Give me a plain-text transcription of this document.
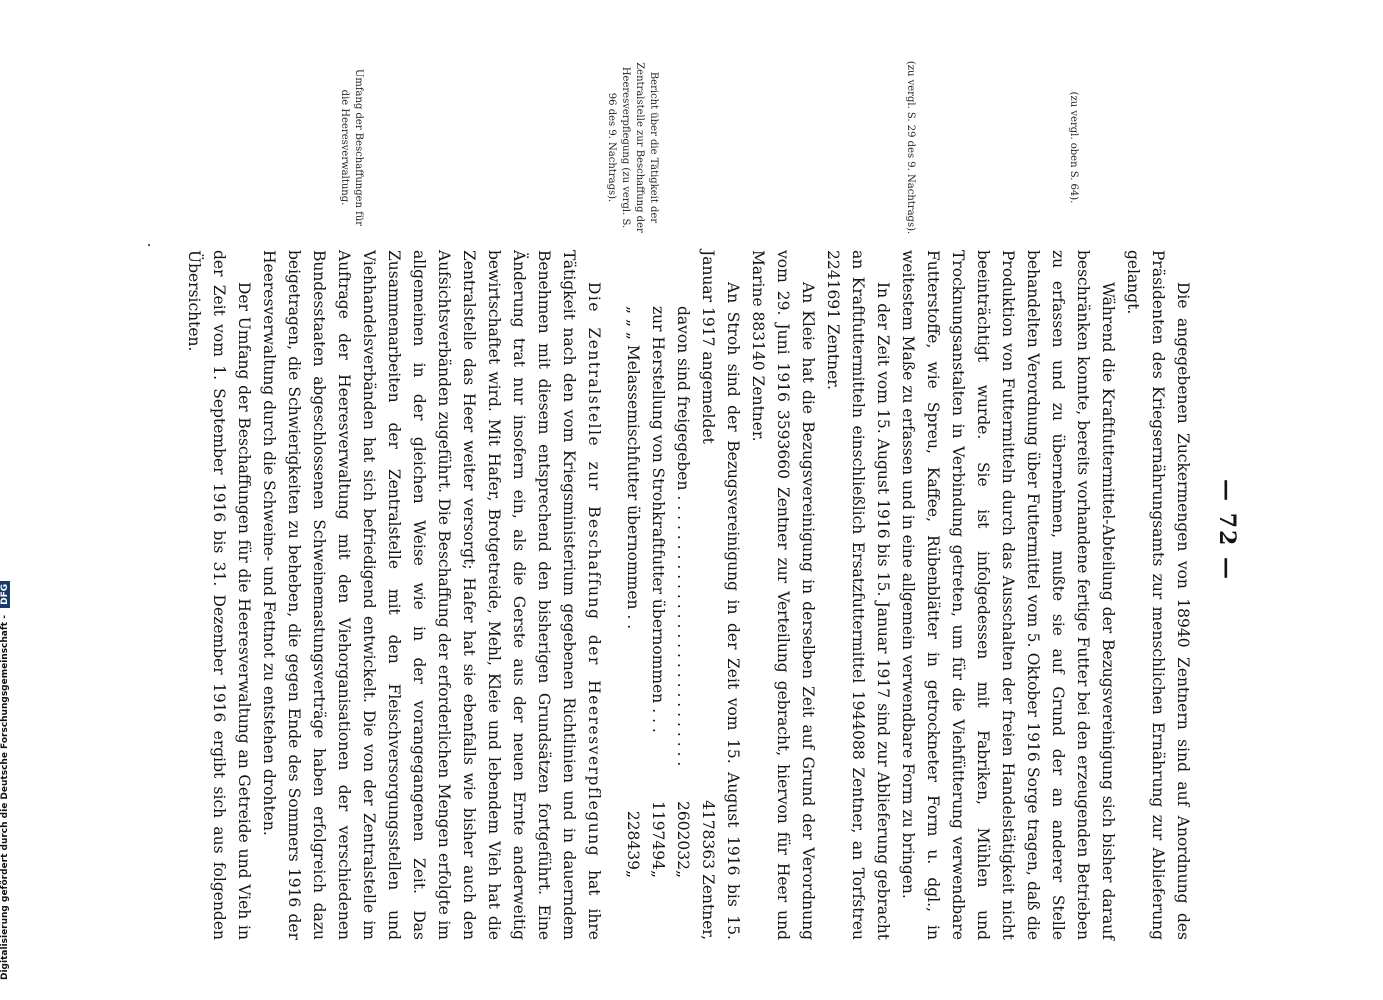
— 72 —

Die angegebenen Zuckermengen von 18940 Zentnern sind auf Anordnung des Präsidenten des Kriegsernährungsamts zur menschlichen Ernährung zur Ablieferung gelangt.

Während die Kraftfuttermittel-Abteilung der Bezugsvereinigung sich bisher darauf beschränken konnte, bereits vorhandene fertige Futter bei den erzeugenden Betrieben zu erfassen und zu übernehmen, mußte sie auf Grund der an anderer Stelle behandelten Verordnung über Futtermittel vom 5. Oktober 1916 Sorge tragen, daß die Produktion von Futtermitteln durch das Ausschalten der freien Handelstätigkeit nicht beeinträchtigt wurde. Sie ist infolgedessen mit Fabriken, Mühlen und Trocknungsanstalten in Verbindung getreten, um für die Viehfütterung verwendbare Futterstoffe, wie Spreu, Kaffee, Rübenblätter in getrockneter Form u. dgl., in weitestem Maße zu erfassen und in eine allgemein verwendbare Form zu bringen.

In der Zeit vom 15. August 1916 bis 15. Januar 1917 sind zur Ablieferung gebracht an Kraftfuttermitteln einschließlich Ersatzfuttermittel 1944088 Zentner, an Torfstreu 2241691 Zentner.

An Kleie hat die Bezugsvereinigung in derselben Zeit auf Grund der Verordnung vom 29. Juni 1916 3593660 Zentner zur Verteilung gebracht, hiervon für Heer und Marine 883140 Zentner.

An Stroh sind der Bezugsvereinigung in der Zeit vom 15. August 1916 bis 15. Januar 1917 angemeldet
4178363 Zentner,

davon sind freigegeben . . . . . . . . . . . . . . . . . . . . . . . . . . . .
2602032
„
zur Herstellung von Strohkraftfutter übernommen . . .
1197494
„
„ „ „ Melassemischfutter übernommen . .
228439
„

Die Zentralstelle zur Beschaffung der Heeresverpflegung hat ihre Tätigkeit nach den vom Kriegsministerium gegebenen Richtlinien und in dauerndem Benehmen mit diesem entsprechend den bisherigen Grundsätzen fortgeführt. Eine Änderung trat nur insofern ein, als die Gerste aus der neuen Ernte anderweitig bewirtschaftet wird. Mit Hafer, Brotgetreide, Mehl, Kleie und lebendem Vieh hat die Zentralstelle das Heer weiter versorgt; Hafer hat sie ebenfalls wie bisher auch den Aufsichtsverbänden zugeführt. Die Beschaffung der erforderlichen Mengen erfolgte im allgemeinen in der gleichen Weise wie in der vorangegangenen Zeit. Das Zusammenarbeiten der Zentralstelle mit den Fleischversorgungsstellen und Viehhandelsverbänden hat sich befriedigend entwickelt. Die von der Zentralstelle im Auftrage der Heeresverwaltung mit den Viehorganisationen der verschiedenen Bundesstaaten abgeschlossenen Schweinemastungsverträge haben erfolgreich dazu beigetragen, die Schwierigkeiten zu beheben, die gegen Ende des Sommers 1916 der Heeresverwaltung durch die Schweine- und Fettnot zu entstehen drohten.

Der Umfang der Beschaffungen für die Heeresverwaltung an Getreide und Vieh in der Zeit vom 1. September 1916 bis 31. Dezember 1916 ergibt sich aus folgenden Übersichten.

(zu vergl. oben S. 64).
(zu vergl. S. 29 des 9. Nachtrags).
Bericht über die Tätigkeit der Zentralstelle zur Beschaffung der Heeresverpflegung (zu vergl. S. 96 des 9. Nachtrags).
Umfang der Beschaffungen für die Heeresverwaltung.
Digitalisierung gefördert durch die Deutsche Forschungsgemeinschaft - DFG
